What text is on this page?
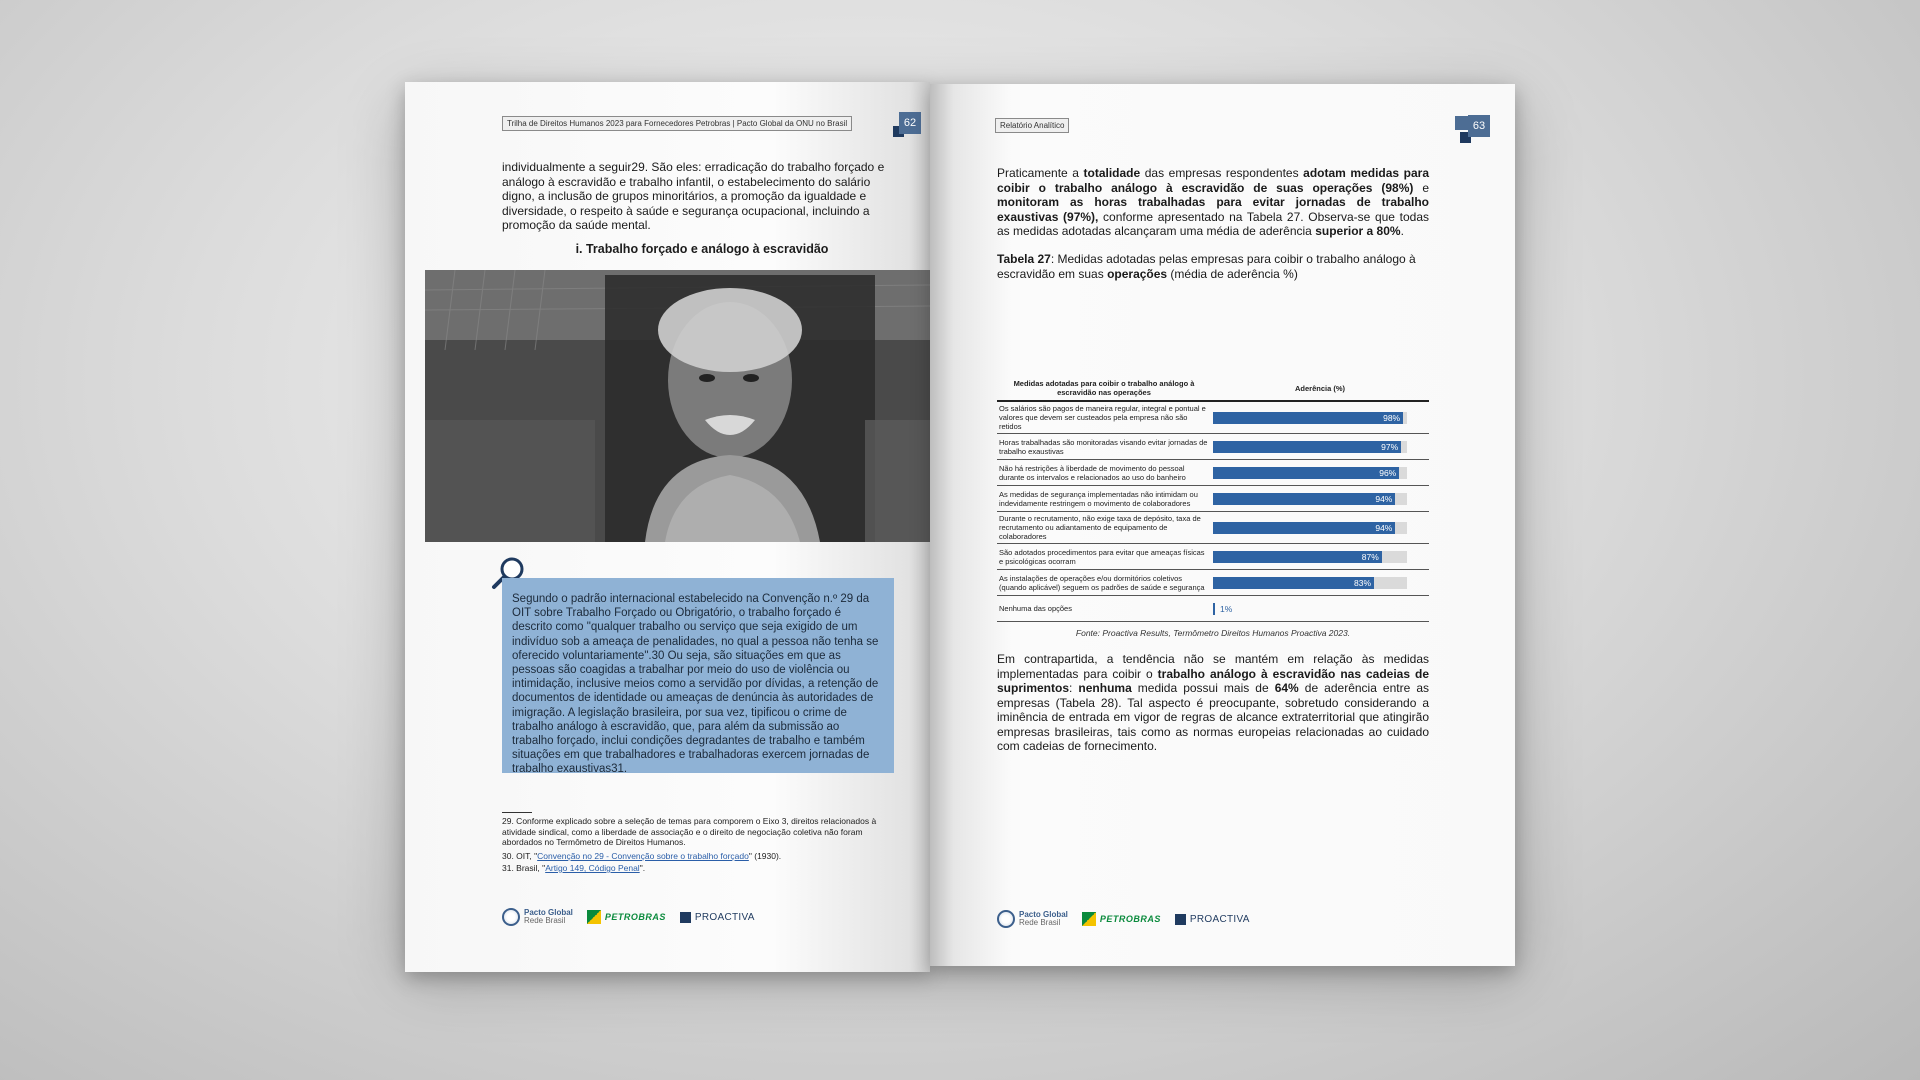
Trilha de Direitos Humanos 2023 para Fornecedores Petrobras | Pacto Global da ONU no Brasil	62
individualmente a seguir29. São eles: erradicação do trabalho forçado e análogo à escravidão e trabalho infantil, o estabelecimento do salário digno, a inclusão de grupos minoritários, a promoção da igualdade e diversidade, o respeito à saúde e segurança ocupacional, incluindo a promoção da saúde mental.
i. Trabalho forçado e análogo à escravidão
Segundo o padrão internacional estabelecido na Convenção n.º 29 da OIT sobre Trabalho Forçado ou Obrigatório, o trabalho forçado é descrito como "qualquer trabalho ou serviço que seja exigido de um indivíduo sob a ameaça de penalidades, no qual a pessoa não tenha se oferecido voluntariamente".30 Ou seja, são situações em que as pessoas são coagidas a trabalhar por meio do uso de violência ou intimidação, inclusive meios como a servidão por dívidas, a retenção de documentos de identidade ou ameaças de denúncia às autoridades de imigração. A legislação brasileira, por sua vez, tipificou o crime de trabalho análogo à escravidão, que, para além da submissão ao trabalho forçado, inclui condições degradantes de trabalho e também situações em que trabalhadores e trabalhadoras exercem jornadas de trabalho exaustivas31.
29. Conforme explicado sobre a seleção de temas para comporem o Eixo 3, direitos relacionados à atividade sindical, como a liberdade de associação e o direito de negociação coletiva não foram abordados no Termômetro de Direitos Humanos.
30. OIT, "Convenção no 29 - Convenção sobre o trabalho forçado" (1930).
31. Brasil, "Artigo 149, Código Penal".
Pacto Global
Rede Brasil	PETROBRAS	PROACTIVA
Relatório Analítico	63
Praticamente a totalidade das empresas respondentes adotam medidas para coibir o trabalho análogo à escravidão de suas operações (98%) e monitoram as horas trabalhadas para evitar jornadas de trabalho exaustivas (97%), conforme apresentado na Tabela 27. Observa-se que todas as medidas adotadas alcançaram uma média de aderência superior a 80%.
Tabela 27: Medidas adotadas pelas empresas para coibir o trabalho análogo à escravidão em suas operações (média de aderência %)
Medidas adotadas para coibir o trabalho análogo à escravidão nas operações	Aderência (%)
Os salários são pagos de maneira regular, integral e pontual e valores que devem ser custeados pela empresa não são retidos	98%

Horas trabalhadas são monitoradas visando evitar jornadas de trabalho exaustivas	97%

Não há restrições à liberdade de movimento do pessoal durante os intervalos e relacionados ao uso do banheiro	96%

As medidas de segurança implementadas não intimidam ou indevidamente restringem o movimento de colaboradores	94%

Durante o recrutamento, não exige taxa de depósito, taxa de recrutamento ou adiantamento de equipamento de colaboradores	94%

São adotados procedimentos para evitar que ameaças físicas e psicológicas ocorram	87%

As instalações de operações e/ou dormitórios coletivos (quando aplicável) seguem os padrões de saúde e segurança	83%

Nenhuma das opções	1%
Fonte: Proactiva Results, Termômetro Direitos Humanos Proactiva 2023.
Em contrapartida, a tendência não se mantém em relação às medidas implementadas para coibir o trabalho análogo à escravidão nas cadeias de suprimentos: nenhuma medida possui mais de 64% de aderência entre as empresas (Tabela 28). Tal aspecto é preocupante, sobretudo considerando a iminência de entrada em vigor de regras de alcance extraterritorial que atingirão empresas brasileiras, tais como as normas europeias relacionadas ao cuidado com cadeias de fornecimento.
Pacto Global
Rede Brasil	PETROBRAS	PROACTIVA
